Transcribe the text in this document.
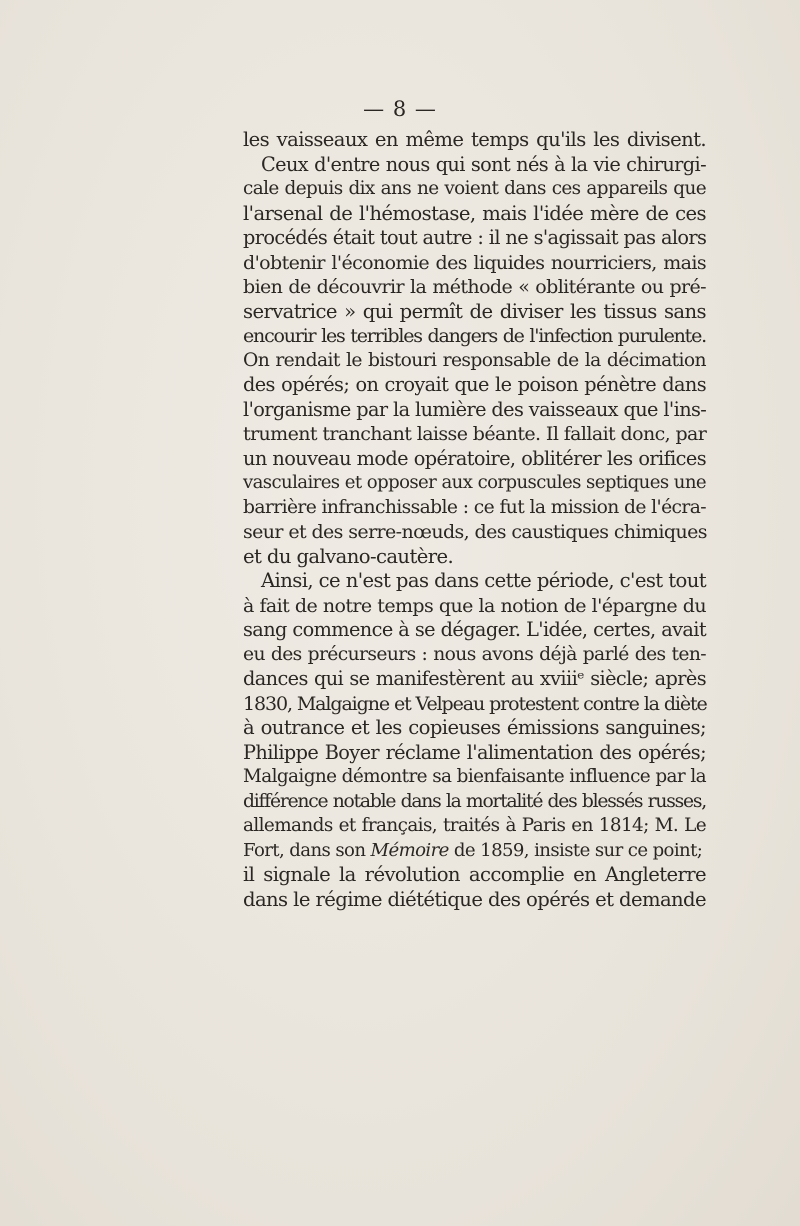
— 8 —
les vaisseaux en même temps qu'ils les divisent.
Ceux d'entre nous qui sont nés à la vie chirurgi-
cale depuis dix ans ne voient dans ces appareils que
l'arsenal de l'hémostase, mais l'idée mère de ces
procédés était tout autre : il ne s'agissait pas alors
d'obtenir l'économie des liquides nourriciers, mais
bien de découvrir la méthode « oblitérante ou pré-
servatrice » qui permît de diviser les tissus sans
encourir les terribles dangers de l'infection purulente.
On rendait le bistouri responsable de la décimation
des opérés; on croyait que le poison pénètre dans
l'organisme par la lumière des vaisseaux que l'ins-
trument tranchant laisse béante. Il fallait donc, par
un nouveau mode opératoire, oblitérer les orifices
vasculaires et opposer aux corpuscules septiques une
barrière infranchissable : ce fut la mission de l'écra-
seur et des serre-nœuds, des caustiques chimiques
et du galvano-cautère.
Ainsi, ce n'est pas dans cette période, c'est tout
à fait de notre temps que la notion de l'épargne du
sang commence à se dégager. L'idée, certes, avait
eu des précurseurs : nous avons déjà parlé des ten-
dances qui se manifestèrent au xviiiᵉ siècle; après
1830, Malgaigne et Velpeau protestent contre la diète
à outrance et les copieuses émissions sanguines;
Philippe Boyer réclame l'alimentation des opérés;
Malgaigne démontre sa bienfaisante influence par la
différence notable dans la mortalité des blessés russes,
allemands et français, traités à Paris en 1814; M. Le
Fort, dans son Mémoire de 1859, insiste sur ce point;
il signale la révolution accomplie en Angleterre
dans le régime diététique des opérés et demande
